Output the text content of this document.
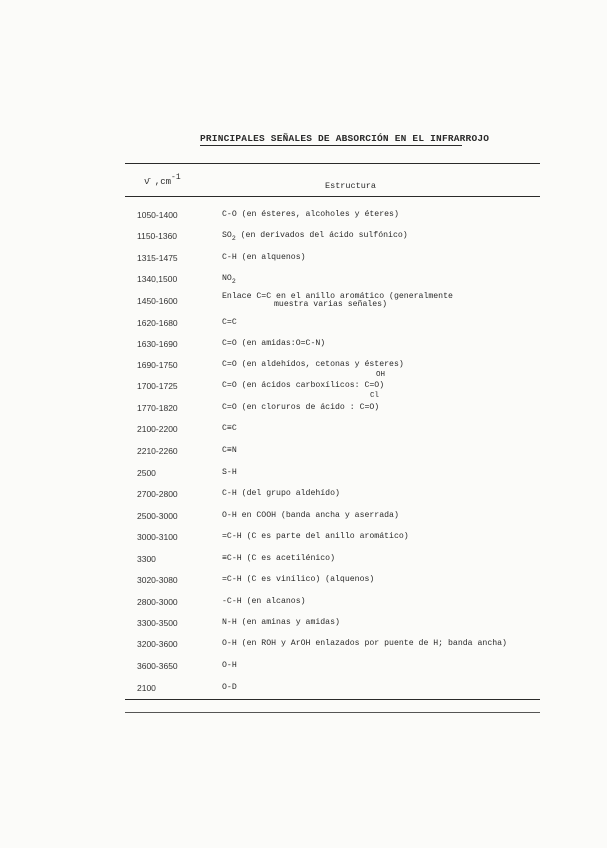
PRINCIPALES SEÑALES DE ABSORCIÓN EN EL INFRARROJO
ν̄ ,cm-1
Estructura
1050-1400	C-O (en ésteres, alcoholes y éteres)
1150-1360	$SO_2$ (en derivados del ácido sulfónico)
1315-1475	C-H (en alquenos)
1340,1500	$NO_2$
1450-1600	Enlace C=C en el anillo aromático (generalmente
muestra varias señales)
1620-1680	C=C
1630-1690	C=O (en amidas:O=C-N)
1690-1750	C=O (en aldehídos, cetonas y ésteres)
OH
1700-1725	C=O (en ácidos carboxílicos: C=O)
Cl
1770-1820	C=O (en cloruros de ácido : C=O)
2100-2200	C≡C
2210-2260	C≡N
2500	S-H
2700-2800	C-H (del grupo aldehído)
2500-3000	O-H en COOH (banda ancha y aserrada)
3000-3100	=C-H (C es parte del anillo aromático)
3300	≡C-H (C es acetilénico)
3020-3080	=C-H (C es vinílico) (alquenos)
2800-3000	-C-H (en alcanos)
3300-3500	N-H (en aminas y amidas)
3200-3600	O-H (en ROH y ArOH enlazados por puente de H; banda ancha)
3600-3650	O-H
2100	O-D
